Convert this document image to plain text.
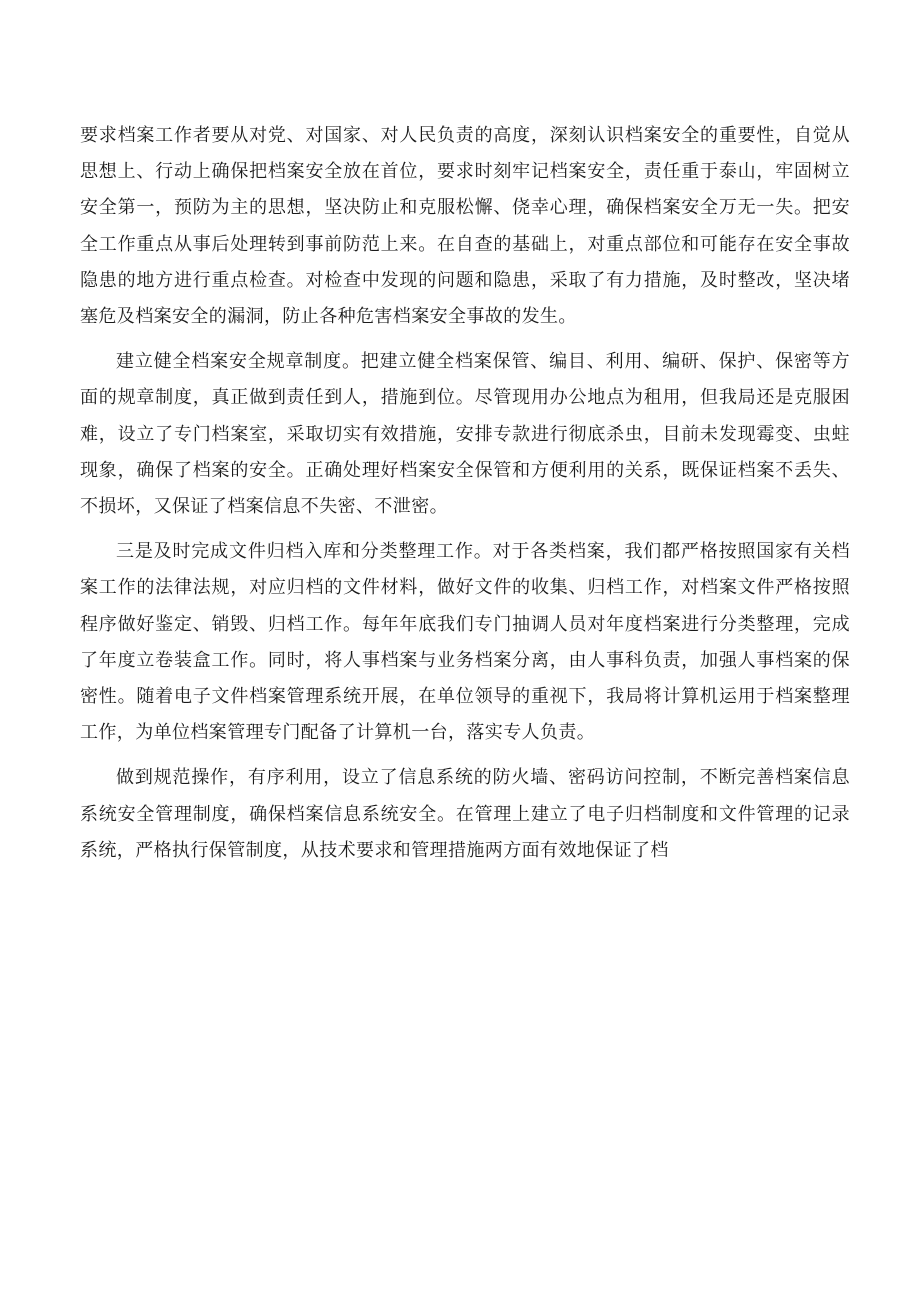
要求档案工作者要从对党、对国家、对人民负责的高度，深刻认识档案安全的重要性，自觉从思想上、行动上确保把档案安全放在首位，要求时刻牢记档案安全，责任重于泰山，牢固树立安全第一，预防为主的思想，坚决防止和克服松懈、侥幸心理，确保档案安全万无一失。把安全工作重点从事后处理转到事前防范上来。在自查的基础上，对重点部位和可能存在安全事故隐患的地方进行重点检查。对检查中发现的问题和隐患，采取了有力措施，及时整改，坚决堵塞危及档案安全的漏洞，防止各种危害档案安全事故的发生。

建立健全档案安全规章制度。把建立健全档案保管、编目、利用、编研、保护、保密等方面的规章制度，真正做到责任到人，措施到位。尽管现用办公地点为租用，但我局还是克服困难，设立了专门档案室，采取切实有效措施，安排专款进行彻底杀虫，目前未发现霉变、虫蛀现象，确保了档案的安全。正确处理好档案安全保管和方便利用的关系，既保证档案不丢失、不损坏，又保证了档案信息不失密、不泄密。

三是及时完成文件归档入库和分类整理工作。对于各类档案，我们都严格按照国家有关档案工作的法律法规，对应归档的文件材料，做好文件的收集、归档工作，对档案文件严格按照程序做好鉴定、销毁、归档工作。每年年底我们专门抽调人员对年度档案进行分类整理，完成了年度立卷装盒工作。同时，将人事档案与业务档案分离，由人事科负责，加强人事档案的保密性。随着电子文件档案管理系统开展，在单位领导的重视下，我局将计算机运用于档案整理工作，为单位档案管理专门配备了计算机一台，落实专人负责。

做到规范操作，有序利用，设立了信息系统的防火墙、密码访问控制，不断完善档案信息系统安全管理制度，确保档案信息系统安全。在管理上建立了电子归档制度和文件管理的记录系统，严格执行保管制度，从技术要求和管理措施两方面有效地保证了档
